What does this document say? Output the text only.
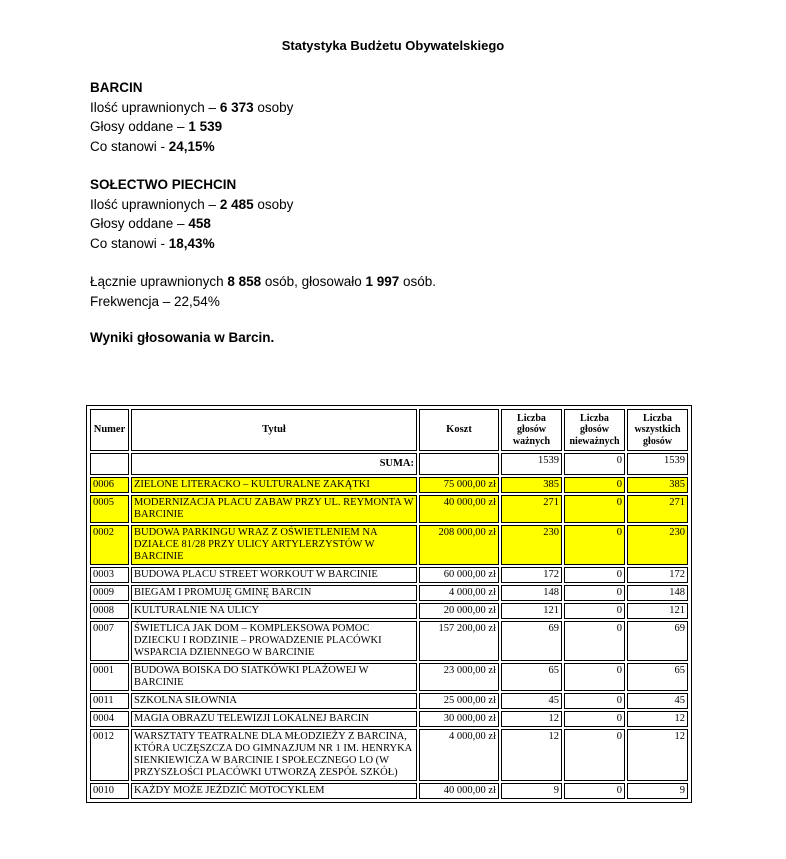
Statystyka Budżetu Obywatelskiego
BARCIN
Ilość uprawnionych – 6 373 osoby
Głosy oddane – 1 539
Co stanowi - 24,15%
SOŁECTWO PIECHCIN
Ilość uprawnionych – 2 485 osoby
Głosy oddane – 458
Co stanowi - 18,43%
Łącznie uprawnionych 8 858 osób, głosowało 1 997 osób.
Frekwencja – 22,54%
Wyniki głosowania w Barcin.
Numer	Tytuł	Koszt	Liczba głosów ważnych	Liczba głosów nieważnych	Liczba wszystkich głosów
	SUMA:		1539	0	1539
0006	ZIELONE LITERACKO – KULTURALNE ZAKĄTKI	75 000,00 zł	385	0	385
0005	MODERNIZACJA PLACU ZABAW PRZY UL. REYMONTA W BARCINIE	40 000,00 zł	271	0	271
0002	BUDOWA PARKINGU WRAZ Z OŚWIETLENIEM NA DZIAŁCE 81/28 PRZY ULICY ARTYLERZYSTÓW W BARCINIE	208 000,00 zł	230	0	230
0003	BUDOWA PLACU STREET WORKOUT W BARCINIE	60 000,00 zł	172	0	172
0009	BIEGAM I PROMUJĘ GMINĘ BARCIN	4 000,00 zł	148	0	148
0008	KULTURALNIE NA ULICY	20 000,00 zł	121	0	121
0007	ŚWIETLICA JAK DOM – KOMPLEKSOWA POMOC DZIECKU I RODZINIE – PROWADZENIE PLACÓWKI WSPARCIA DZIENNEGO W BARCINIE	157 200,00 zł	69	0	69
0001	BUDOWA BOISKA DO SIATKÓWKI PLAŻOWEJ W BARCINIE	23 000,00 zł	65	0	65
0011	SZKOLNA SIŁOWNIA	25 000,00 zł	45	0	45
0004	MAGIA OBRAZU TELEWIZJI LOKALNEJ BARCIN	30 000,00 zł	12	0	12
0012	WARSZTATY TEATRALNE DLA MŁODZIEŻY Z BARCINA, KTÓRA UCZĘSZCZA DO GIMNAZJUM NR 1 IM. HENRYKA SIENKIEWICZA W BARCINIE I SPOŁECZNEGO LO (W PRZYSZŁOŚCI PLACÓWKI UTWORZĄ ZESPÓŁ SZKÓŁ)	4 000,00 zł	12	0	12
0010	KAŻDY MOŻE JEŹDZIĆ MOTOCYKLEM	40 000,00 zł	9	0	9
